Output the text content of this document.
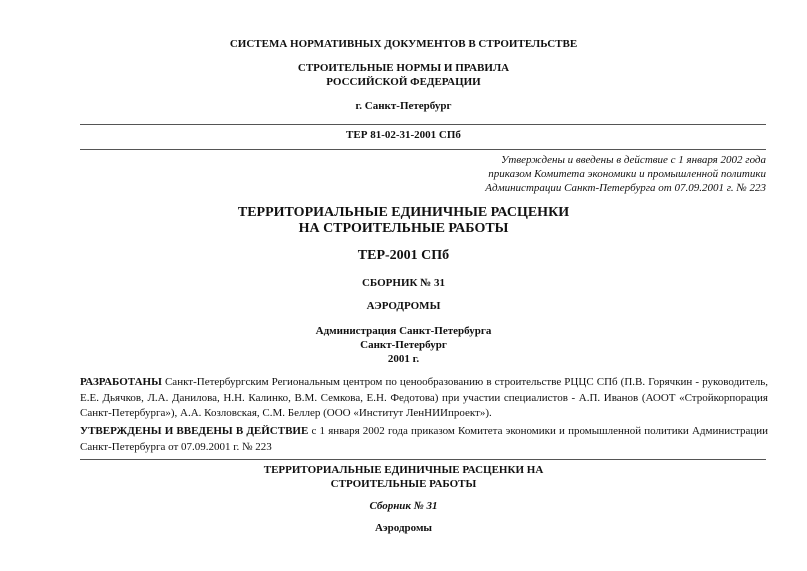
СИСТЕМА НОРМАТИВНЫХ ДОКУМЕНТОВ В СТРОИТЕЛЬСТВЕ
СТРОИТЕЛЬНЫЕ НОРМЫ И ПРАВИЛА
РОССИЙСКОЙ ФЕДЕРАЦИИ
г. Санкт-Петербург
ТЕР 81-02-31-2001 СПб
Утверждены и введены в действие с 1 января 2002 года
приказом Комитета экономики и промышленной политики
Администрации Санкт-Петербурга от 07.09.2001 г. № 223
ТЕРРИТОРИАЛЬНЫЕ ЕДИНИЧНЫЕ РАСЦЕНКИ
НА СТРОИТЕЛЬНЫЕ РАБОТЫ
ТЕР-2001 СПб
СБОРНИК № 31
АЭРОДРОМЫ
Администрация Санкт-Петербурга
Санкт-Петербург
2001 г.
РАЗРАБОТАНЫ Санкт-Петербургским Региональным центром по ценообразованию в строительстве РЦЦС СПб (П.В. Горячкин - руководитель, Е.Е. Дьячков, Л.А. Данилова, Н.Н. Калинко, В.М. Семкова, Е.Н. Федотова) при участии специалистов - А.П. Иванов (АООТ «Стройкорпорация Санкт-Петербурга»), А.А. Козловская, С.М. Беллер (ООО «Институт ЛенНИИпроект»).
УТВЕРЖДЕНЫ И ВВЕДЕНЫ В ДЕЙСТВИЕ с 1 января 2002 года приказом Комитета экономики и промышленной политики Администрации Санкт-Петербурга от 07.09.2001 г. № 223
ТЕРРИТОРИАЛЬНЫЕ ЕДИНИЧНЫЕ РАСЦЕНКИ НА
СТРОИТЕЛЬНЫЕ РАБОТЫ
Сборник № 31
Аэродромы
